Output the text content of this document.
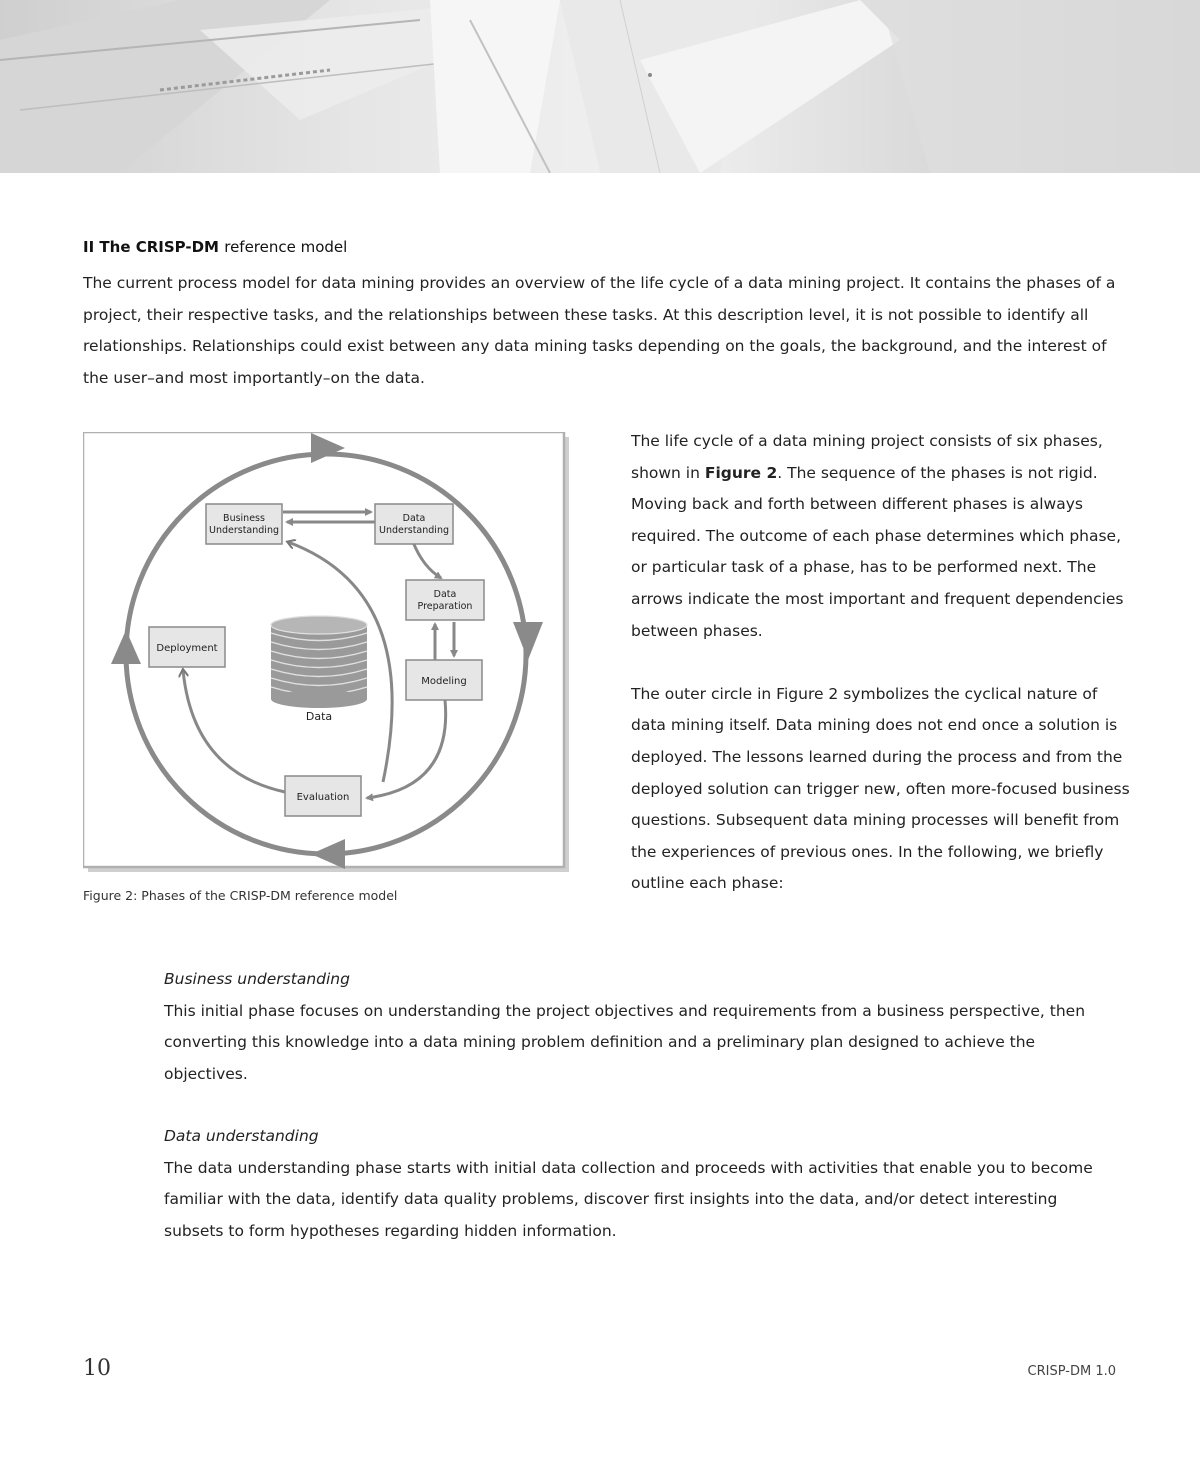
II The CRISP-DM reference model

The current process model for data mining provides an overview of the life cycle of a data mining project. It contains the phases of a project, their respective tasks, and the relationships between these tasks. At this description level, it is not possible to identify all relationships. Relationships could exist between any data mining tasks depending on the goals, the background, and the interest of the user–and most importantly–on the data.

Data
Business
Understanding
Data
Understanding
Data
Preparation
Modeling
Deployment
Evaluation

Figure 2: Phases of the CRISP-DM reference model

The life cycle of a data mining project consists of six phases, shown in Figure 2. The sequence of the phases is not rigid. Moving back and forth between different phases is always required. The outcome of each phase determines which phase, or particular task of a phase, has to be performed next. The arrows indicate the most important and frequent dependencies between phases.

The outer circle in Figure 2 symbolizes the cyclical nature of data mining itself. Data mining does not end once a solution is deployed. The lessons learned during the process and from the deployed solution can trigger new, often more-focused business questions. Subsequent data mining processes will benefit from the experiences of previous ones. In the following, we briefly outline each phase:

Business understanding

This initial phase focuses on understanding the project objectives and requirements from a business perspective, then converting this knowledge into a data mining problem definition and a preliminary plan designed to achieve the objectives.

Data understanding

The data understanding phase starts with initial data collection and proceeds with activities that enable you to become familiar with the data, identify data quality problems, discover first insights into the data, and/or detect interesting subsets to form hypotheses regarding hidden information.

10	CRISP-DM 1.0
